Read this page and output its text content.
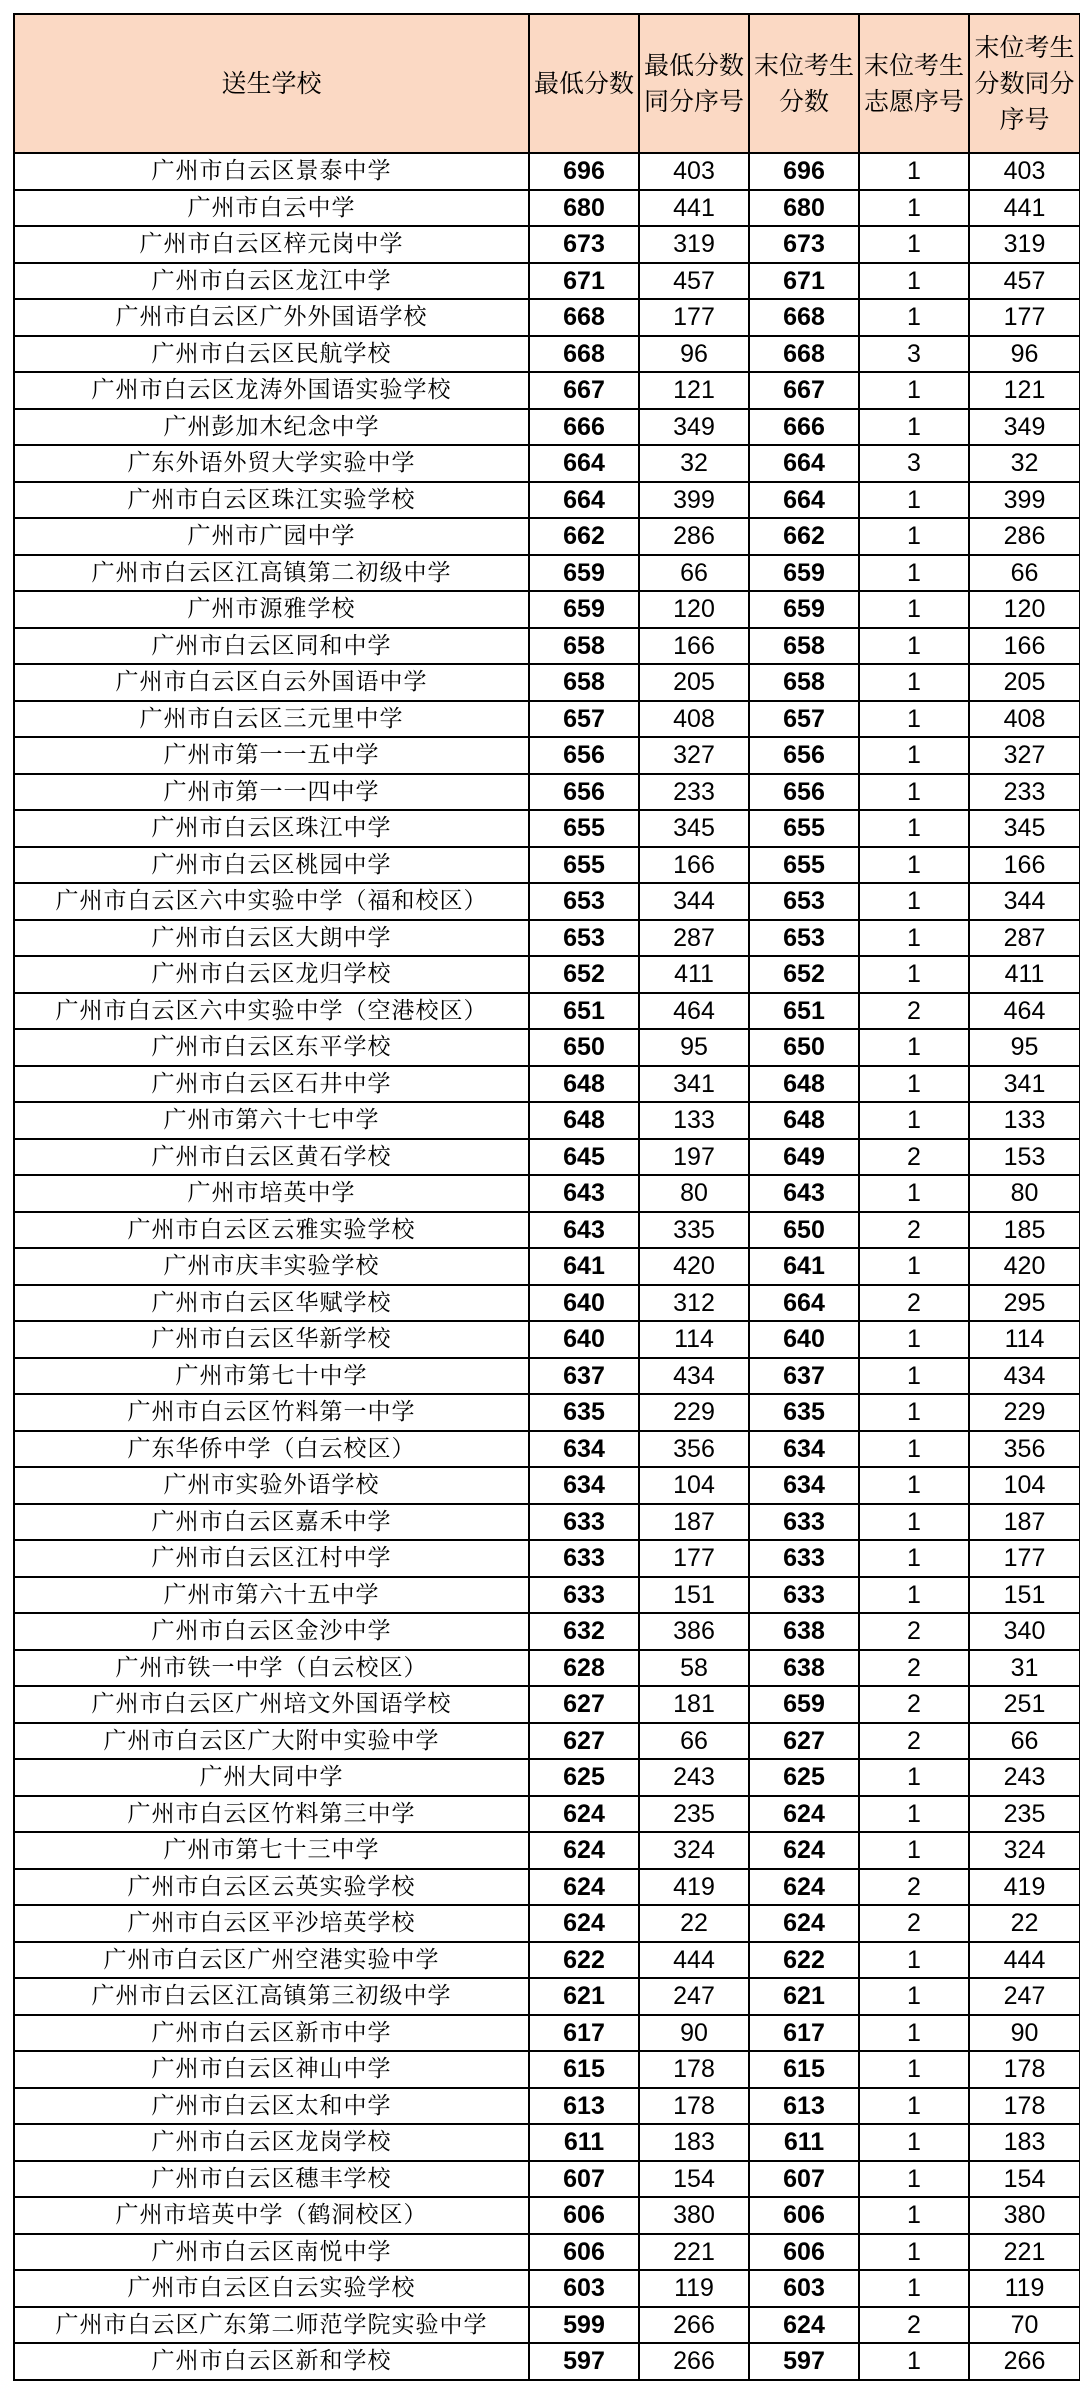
送生学校	最低分数	最低分数同分序号	末位考生分数	末位考生志愿序号	末位考生分数同分序号
广州市白云区景泰中学	696	403	696	1	403
广州市白云中学	680	441	680	1	441
广州市白云区梓元岗中学	673	319	673	1	319
广州市白云区龙江中学	671	457	671	1	457
广州市白云区广外外国语学校	668	177	668	1	177
广州市白云区民航学校	668	96	668	3	96
广州市白云区龙涛外国语实验学校	667	121	667	1	121
广州彭加木纪念中学	666	349	666	1	349
广东外语外贸大学实验中学	664	32	664	3	32
广州市白云区珠江实验学校	664	399	664	1	399
广州市广园中学	662	286	662	1	286
广州市白云区江高镇第二初级中学	659	66	659	1	66
广州市源雅学校	659	120	659	1	120
广州市白云区同和中学	658	166	658	1	166
广州市白云区白云外国语中学	658	205	658	1	205
广州市白云区三元里中学	657	408	657	1	408
广州市第一一五中学	656	327	656	1	327
广州市第一一四中学	656	233	656	1	233
广州市白云区珠江中学	655	345	655	1	345
广州市白云区桃园中学	655	166	655	1	166
广州市白云区六中实验中学（福和校区）	653	344	653	1	344
广州市白云区大朗中学	653	287	653	1	287
广州市白云区龙归学校	652	411	652	1	411
广州市白云区六中实验中学（空港校区）	651	464	651	2	464
广州市白云区东平学校	650	95	650	1	95
广州市白云区石井中学	648	341	648	1	341
广州市第六十七中学	648	133	648	1	133
广州市白云区黄石学校	645	197	649	2	153
广州市培英中学	643	80	643	1	80
广州市白云区云雅实验学校	643	335	650	2	185
广州市庆丰实验学校	641	420	641	1	420
广州市白云区华赋学校	640	312	664	2	295
广州市白云区华新学校	640	114	640	1	114
广州市第七十中学	637	434	637	1	434
广州市白云区竹料第一中学	635	229	635	1	229
广东华侨中学（白云校区）	634	356	634	1	356
广州市实验外语学校	634	104	634	1	104
广州市白云区嘉禾中学	633	187	633	1	187
广州市白云区江村中学	633	177	633	1	177
广州市第六十五中学	633	151	633	1	151
广州市白云区金沙中学	632	386	638	2	340
广州市铁一中学（白云校区）	628	58	638	2	31
广州市白云区广州培文外国语学校	627	181	659	2	251
广州市白云区广大附中实验中学	627	66	627	2	66
广州大同中学	625	243	625	1	243
广州市白云区竹料第三中学	624	235	624	1	235
广州市第七十三中学	624	324	624	1	324
广州市白云区云英实验学校	624	419	624	2	419
广州市白云区平沙培英学校	624	22	624	2	22
广州市白云区广州空港实验中学	622	444	622	1	444
广州市白云区江高镇第三初级中学	621	247	621	1	247
广州市白云区新市中学	617	90	617	1	90
广州市白云区神山中学	615	178	615	1	178
广州市白云区太和中学	613	178	613	1	178
广州市白云区龙岗学校	611	183	611	1	183
广州市白云区穗丰学校	607	154	607	1	154
广州市培英中学（鹤洞校区）	606	380	606	1	380
广州市白云区南悦中学	606	221	606	1	221
广州市白云区白云实验学校	603	119	603	1	119
广州市白云区广东第二师范学院实验中学	599	266	624	2	70
广州市白云区新和学校	597	266	597	1	266
